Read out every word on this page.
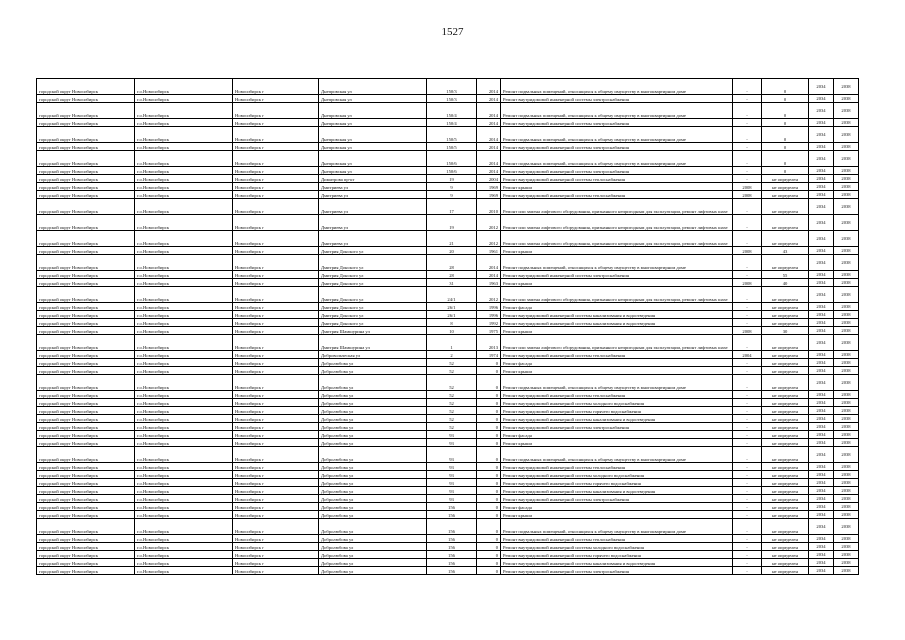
1527
городской округ Новосибирск	г.о.Новосибирск	Новосибирск г	Днепровская ул	150/3	2014	Ремонт подвальных помещений, относящихся к общему имуществу в многоквартирном доме	-	0	2034	2038
городской округ Новосибирск	г.о.Новосибирск	Новосибирск г	Днепровская ул	150/3	2014	Ремонт внутридомовой инженерной системы электроснабжения	-	0	2034	2038
городской округ Новосибирск	г.о.Новосибирск	Новосибирск г	Днепровская ул	150/4	2014	Ремонт подвальных помещений, относящихся к общему имуществу в многоквартирном доме	-	0	2034	2038
городской округ Новосибирск	г.о.Новосибирск	Новосибирск г	Днепровская ул	150/4	2014	Ремонт внутридомовой инженерной системы электроснабжения	-	0	2034	2038
городской округ Новосибирск	г.о.Новосибирск	Новосибирск г	Днепровская ул	150/5	2014	Ремонт подвальных помещений, относящихся к общему имуществу в многоквартирном доме	-	0	2034	2038
городской округ Новосибирск	г.о.Новосибирск	Новосибирск г	Днепровская ул	150/5	2014	Ремонт внутридомовой инженерной системы электроснабжения	-	0	2034	2038
городской округ Новосибирск	г.о.Новосибирск	Новосибирск г	Днепровская ул	150/6	2014	Ремонт подвальных помещений, относящихся к общему имуществу в многоквартирном доме	-	0	2034	2038
городской округ Новосибирск	г.о.Новосибирск	Новосибирск г	Днепровская ул	150/6	2014	Ремонт внутридомовой инженерной системы электроснабжения	-	0	2034	2038
городской округ Новосибирск	г.о.Новосибирск	Новосибирск г	Димитрова пр-кт	19	2004	Ремонт внутридомовой инженерной системы теплоснабжения	-	не определен	2034	2038
городской округ Новосибирск	г.о.Новосибирск	Новосибирск г	Дмитриева ул	9	1969	Ремонт крыши	2008	не определен	2034	2038
городской округ Новосибирск	г.о.Новосибирск	Новосибирск г	Дмитриева ул	9	1969	Ремонт внутридомовой инженерной системы теплоснабжения	2008	не определен	2034	2038
городской округ Новосибирск	г.о.Новосибирск	Новосибирск г	Дмитриева ул	17	2010	Ремонт или замена лифтового оборудования, признанного непригодным для эксплуатации, ремонт лифтовых шахт	-	не определен	2034	2038
городской округ Новосибирск	г.о.Новосибирск	Новосибирск г	Дмитриева ул	19	2012	Ремонт или замена лифтового оборудования, признанного непригодным для эксплуатации, ремонт лифтовых шахт	-	не определен	2034	2038
городской округ Новосибирск	г.о.Новосибирск	Новосибирск г	Дмитриева ул	21	2012	Ремонт или замена лифтового оборудования, признанного непригодным для эксплуатации, ремонт лифтовых шахт	-	не определен	2034	2038
городской округ Новосибирск	г.о.Новосибирск	Новосибирск г	Дмитрия Донского ул	20	1961	Ремонт крыши	2008	43	2034	2038
городской округ Новосибирск	г.о.Новосибирск	Новосибирск г	Дмитрия Донского ул	28	2014	Ремонт подвальных помещений, относящихся к общему имуществу в многоквартирном доме	-	не определен	2034	2038
городской округ Новосибирск	г.о.Новосибирск	Новосибирск г	Дмитрия Донского ул	28	2014	Ремонт внутридомовой инженерной системы электроснабжения	-	55	2034	2038
городской округ Новосибирск	г.о.Новосибирск	Новосибирск г	Дмитрия Донского ул	31	1963	Ремонт крыши	2008	40	2034	2038
городской округ Новосибирск	г.о.Новосибирск	Новосибирск г	Дмитрия Донского ул	24/1	2012	Ремонт или замена лифтового оборудования, признанного непригодным для эксплуатации, ремонт лифтовых шахт	-	не определен	2034	2038
городской округ Новосибирск	г.о.Новосибирск	Новосибирск г	Дмитрия Донского ул	26/1	1996	Ремонт фасада	-	не определен	2034	2038
городской округ Новосибирск	г.о.Новосибирск	Новосибирск г	Дмитрия Донского ул	26/1	1996	Ремонт внутридомовой инженерной системы канализования и водоотведения	-	не определен	2034	2038
городской округ Новосибирск	г.о.Новосибирск	Новосибирск г	Дмитрия Донского ул	8	1992	Ремонт внутридомовой инженерной системы канализования и водоотведения	-	не определен	2034	2038
городской округ Новосибирск	г.о.Новосибирск	Новосибирск г	Дмитрия Шамшурина ул	10	1975	Ремонт крыши	2008	30	2034	2038
городской округ Новосибирск	г.о.Новосибирск	Новосибирск г	Дмитрия Шамшурина ул	1	2013	Ремонт или замена лифтового оборудования, признанного непригодным для эксплуатации, ремонт лифтовых шахт	-	не определен	2034	2038
городской округ Новосибирск	г.о.Новосибирск	Новосибирск г	Добровольческая ул	2	1974	Ремонт внутридомовой инженерной системы теплоснабжения	2004	не определен	2034	2038
городской округ Новосибирск	г.о.Новосибирск	Новосибирск г	Добролюбова ул	52	0	Ремонт фасада	-	не определен	2034	2038
городской округ Новосибирск	г.о.Новосибирск	Новосибирск г	Добролюбова ул	52	0	Ремонт крыши	-	не определен	2034	2038
городской округ Новосибирск	г.о.Новосибирск	Новосибирск г	Добролюбова ул	52	0	Ремонт подвальных помещений, относящихся к общему имуществу в многоквартирном доме	-	не определен	2034	2038
городской округ Новосибирск	г.о.Новосибирск	Новосибирск г	Добролюбова ул	52	0	Ремонт внутридомовой инженерной системы теплоснабжения	-	не определен	2034	2038
городской округ Новосибирск	г.о.Новосибирск	Новосибирск г	Добролюбова ул	52	0	Ремонт внутридомовой инженерной системы холодного водоснабжения	-	не определен	2034	2038
городской округ Новосибирск	г.о.Новосибирск	Новосибирск г	Добролюбова ул	52	0	Ремонт внутридомовой инженерной системы горячего водоснабжения	-	не определен	2034	2038
городской округ Новосибирск	г.о.Новосибирск	Новосибирск г	Добролюбова ул	52	0	Ремонт внутридомовой инженерной системы канализования и водоотведения	-	не определен	2034	2038
городской округ Новосибирск	г.о.Новосибирск	Новосибирск г	Добролюбова ул	52	0	Ремонт внутридомовой инженерной системы электроснабжения	-	не определен	2034	2038
городской округ Новосибирск	г.о.Новосибирск	Новосибирск г	Добролюбова ул	93	0	Ремонт фасада	-	не определен	2034	2038
городской округ Новосибирск	г.о.Новосибирск	Новосибирск г	Добролюбова ул	93	0	Ремонт крыши	-	не определен	2034	2038
городской округ Новосибирск	г.о.Новосибирск	Новосибирск г	Добролюбова ул	93	0	Ремонт подвальных помещений, относящихся к общему имуществу в многоквартирном доме	-	не определен	2034	2038
городской округ Новосибирск	г.о.Новосибирск	Новосибирск г	Добролюбова ул	93	0	Ремонт внутридомовой инженерной системы теплоснабжения	-	не определен	2034	2038
городской округ Новосибирск	г.о.Новосибирск	Новосибирск г	Добролюбова ул	93	0	Ремонт внутридомовой инженерной системы холодного водоснабжения	-	не определен	2034	2038
городской округ Новосибирск	г.о.Новосибирск	Новосибирск г	Добролюбова ул	93	0	Ремонт внутридомовой инженерной системы горячего водоснабжения	-	не определен	2034	2038
городской округ Новосибирск	г.о.Новосибирск	Новосибирск г	Добролюбова ул	93	0	Ремонт внутридомовой инженерной системы канализования и водоотведения	-	не определен	2034	2038
городской округ Новосибирск	г.о.Новосибирск	Новосибирск г	Добролюбова ул	93	0	Ремонт внутридомовой инженерной системы электроснабжения	-	не определен	2034	2038
городской округ Новосибирск	г.о.Новосибирск	Новосибирск г	Добролюбова ул	156	0	Ремонт фасада	-	не определен	2034	2038
городской округ Новосибирск	г.о.Новосибирск	Новосибирск г	Добролюбова ул	156	0	Ремонт крыши	-	не определен	2034	2038
городской округ Новосибирск	г.о.Новосибирск	Новосибирск г	Добролюбова ул	156	0	Ремонт подвальных помещений, относящихся к общему имуществу в многоквартирном доме	-	не определен	2034	2038
городской округ Новосибирск	г.о.Новосибирск	Новосибирск г	Добролюбова ул	156	0	Ремонт внутридомовой инженерной системы теплоснабжения	-	не определен	2034	2038
городской округ Новосибирск	г.о.Новосибирск	Новосибирск г	Добролюбова ул	156	0	Ремонт внутридомовой инженерной системы холодного водоснабжения	-	не определен	2034	2038
городской округ Новосибирск	г.о.Новосибирск	Новосибирск г	Добролюбова ул	156	0	Ремонт внутридомовой инженерной системы горячего водоснабжения	-	не определен	2034	2038
городской округ Новосибирск	г.о.Новосибирск	Новосибирск г	Добролюбова ул	156	0	Ремонт внутридомовой инженерной системы канализования и водоотведения	-	не определен	2034	2038
городской округ Новосибирск	г.о.Новосибирск	Новосибирск г	Добролюбова ул	156	0	Ремонт внутридомовой инженерной системы электроснабжения	-	не определен	2034	2038
